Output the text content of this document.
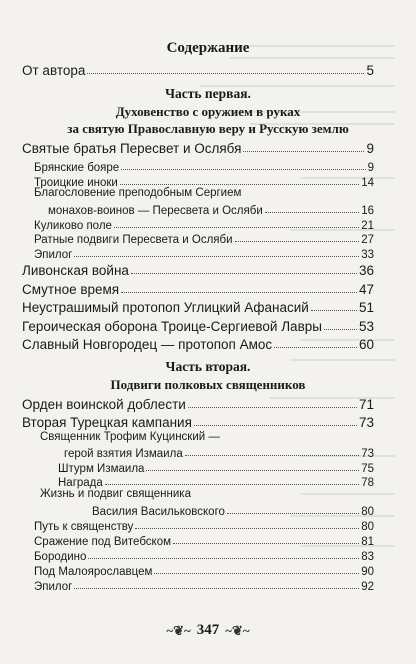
Содержание
От автора	5
Часть первая.
Духовенство с оружием в руках
за святую Православную веру и Русскую землю
Святые братья Пересвет и Ослябя	9
Брянские бояре	9
Троицкие иноки	14
Благословение преподобным Сергием
монахов-воинов — Пересвета и Осляби	16
Куликово поле	21
Ратные подвиги Пересвета и Осляби	27
Эпилог	33
Ливонская война	36
Смутное время	47
Неустрашимый протопоп Углицкий Афанасий	51
Героическая оборона Троице-Сергиевой Лавры	53
Славный Новгородец — протопоп Амос	60
Часть вторая.
Подвиги полковых священников
Орден воинской доблести	71
Вторая Турецкая кампания	73
Священник Трофим Куцинский —
герой взятия Измаила	73
Штурм Измаила	75
Награда	78
Жизнь и подвиг священника
Василия Васильковского	80
Путь к священству	80
Сражение под Витебском	81
Бородино	83
Под Малоярославцем	90
Эпилог	92
~❦~ 347 ~❦~
